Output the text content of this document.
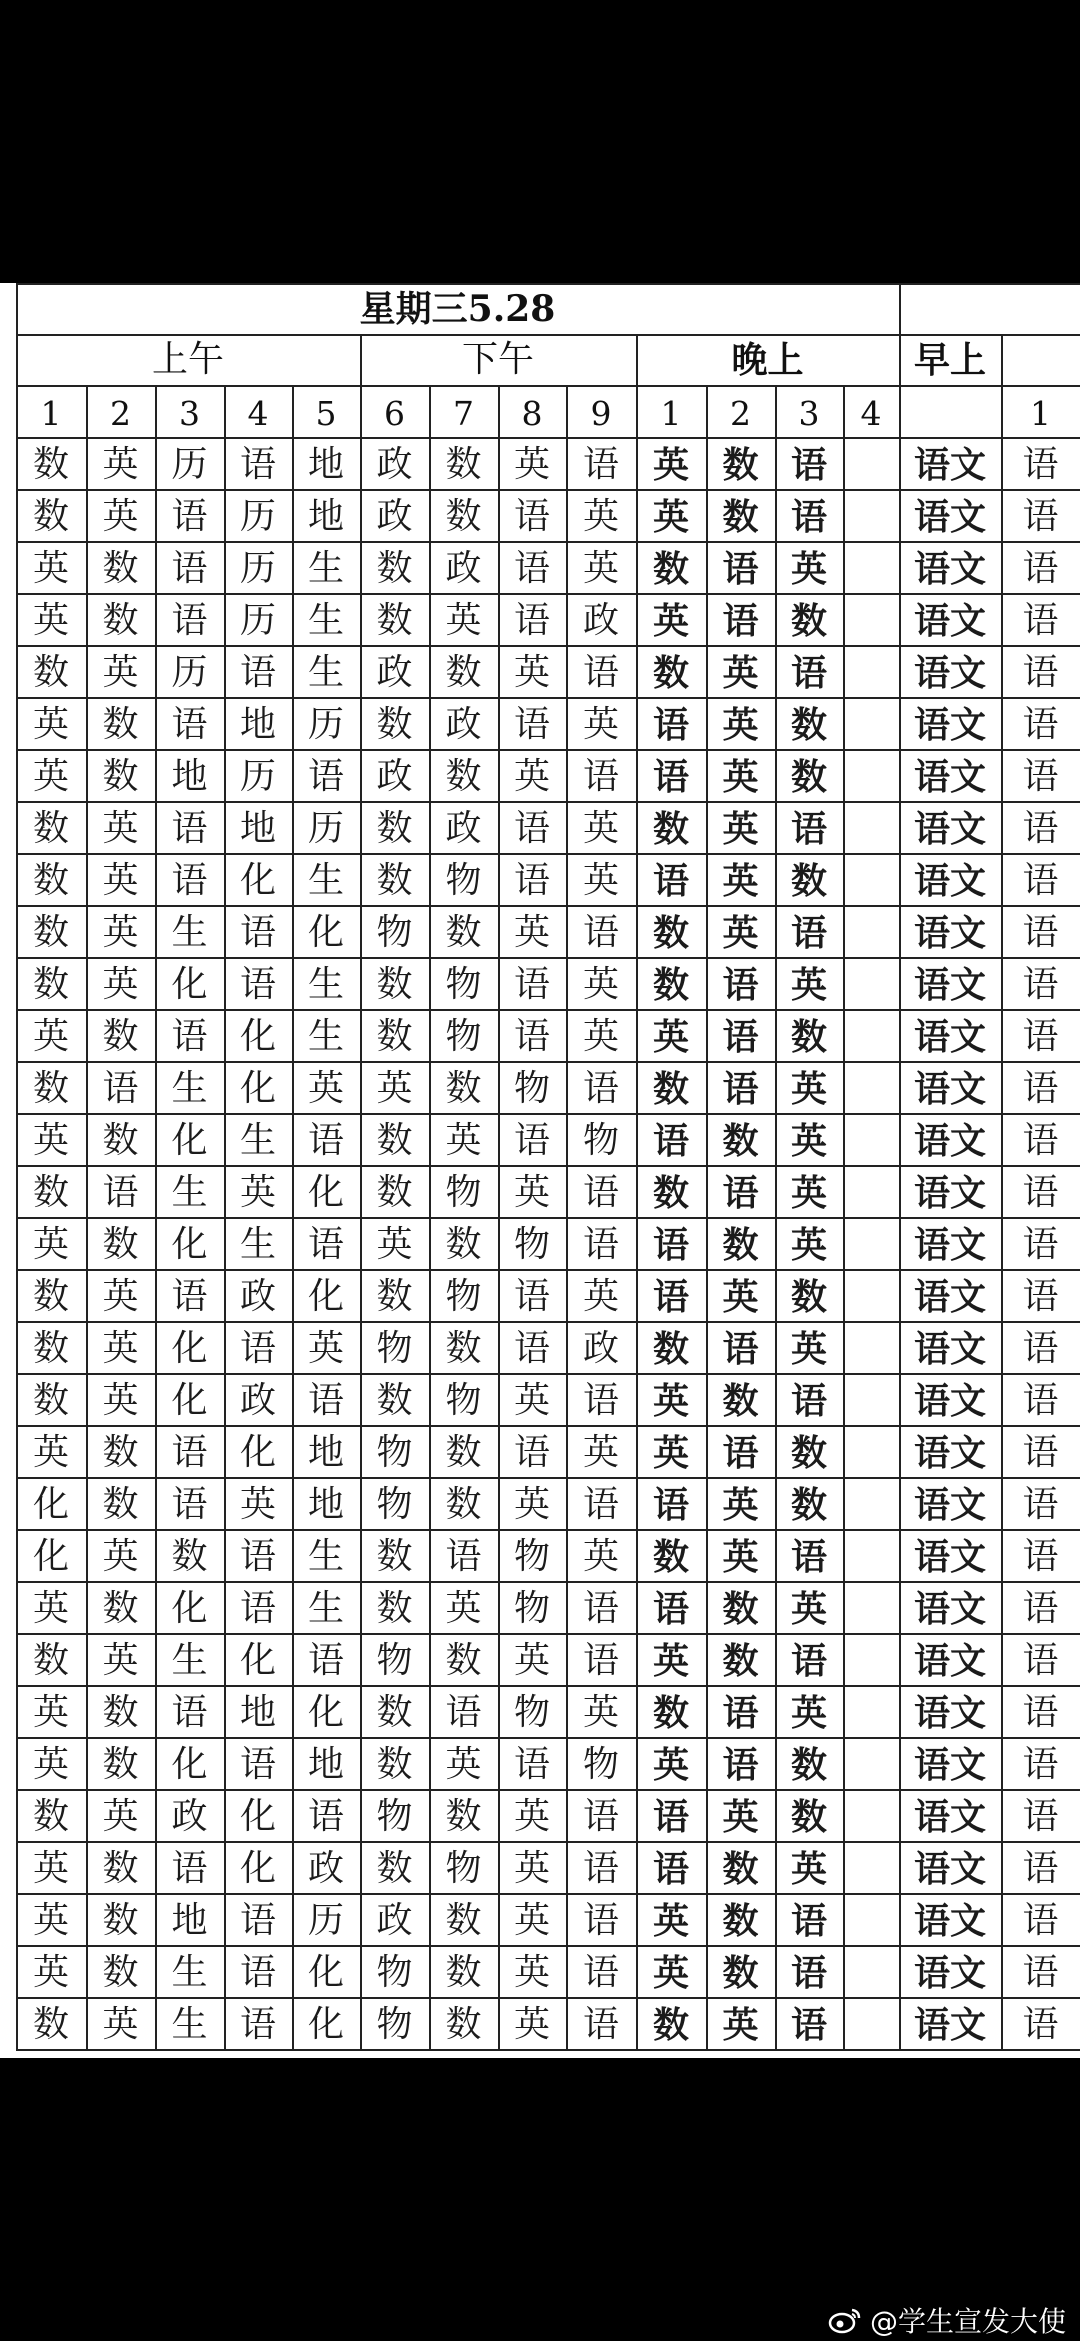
星期三5.28
上午	下午	晚上	早上
1	2	3	4	5	6	7	8	9	1	2	3	4	1
数 英 历 语 地 政 数 英 语 英 数 语	语文	语
数 英 语 历 地 政 数 语 英 英 数 语	语文	语
英 数 语 历 生 数 政 语 英 数 语 英	语文	语
英 数 语 历 生 数 英 语 政 英 语 数	语文	语
数 英 历 语 生 政 数 英 语 数 英 语	语文	语
英 数 语 地 历 数 政 语 英 语 英 数	语文	语
英 数 地 历 语 政 数 英 语 语 英 数	语文	语
数 英 语 地 历 数 政 语 英 数 英 语	语文	语
数 英 语 化 生 数 物 语 英 语 英 数	语文	语
数 英 生 语 化 物 数 英 语 数 英 语	语文	语
数 英 化 语 生 数 物 语 英 数 语 英	语文	语
英 数 语 化 生 数 物 语 英 英 语 数	语文	语
数 语 生 化 英 英 数 物 语 数 语 英	语文	语
英 数 化 生 语 数 英 语 物 语 数 英	语文	语
数 语 生 英 化 数 物 英 语 数 语 英	语文	语
英 数 化 生 语 英 数 物 语 语 数 英	语文	语
数 英 语 政 化 数 物 语 英 语 英 数	语文	语
数 英 化 语 英 物 数 语 政 数 语 英	语文	语
数 英 化 政 语 数 物 英 语 英 数 语	语文	语
英 数 语 化 地 物 数 语 英 英 语 数	语文	语
化 数 语 英 地 物 数 英 语 语 英 数	语文	语
化 英 数 语 生 数 语 物 英 数 英 语	语文	语
英 数 化 语 生 数 英 物 语 语 数 英	语文	语
数 英 生 化 语 物 数 英 语 英 数 语	语文	语
英 数 语 地 化 数 语 物 英 数 语 英	语文	语
英 数 化 语 地 数 英 语 物 英 语 数	语文	语
数 英 政 化 语 物 数 英 语 语 英 数	语文	语
英 数 语 化 政 数 物 英 语 语 数 英	语文	语
英 数 地 语 历 政 数 英 语 英 数 语	语文	语
英 数 生 语 化 物 数 英 语 英 数 语	语文	语
数 英 生 语 化 物 数 英 语 数 英 语	语文	语
@学生宣发大使
